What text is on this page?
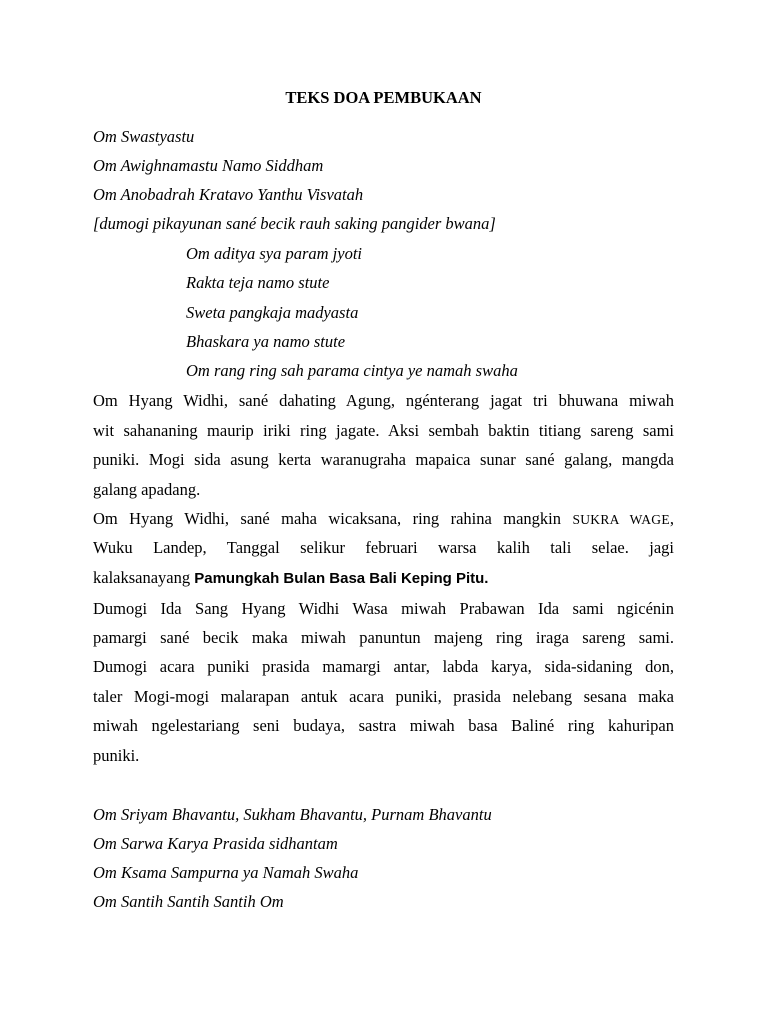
TEKS DOA PEMBUKAAN

Om Swastyastu

Om Awighnamastu Namo Siddham

Om Anobadrah Kratavo Yanthu Visvatah

[dumogi pikayunan sané becik rauh saking pangider bwana]

Om aditya sya param jyoti

Rakta teja namo stute

Sweta pangkaja madyasta

Bhaskara ya namo stute

Om rang ring sah parama cintya ye namah swaha

Om Hyang Widhi, sané dahating Agung, ngénterang jagat tri bhuwana miwah

wit sahananing maurip iriki ring jagate. Aksi sembah baktin titiang sareng sami

puniki. Mogi sida asung kerta waranugraha mapaica sunar sané galang, mangda

galang apadang.

Om Hyang Widhi, sané maha wicaksana, ring rahina mangkin SUKRA WAGE,

Wuku Landep, Tanggal selikur februari warsa kalih tali selae. jagi

kalaksanayang Pamungkah Bulan Basa Bali Keping Pitu.

Dumogi Ida Sang Hyang Widhi Wasa miwah Prabawan Ida sami ngicénin

pamargi sané becik maka miwah panuntun majeng ring iraga sareng sami.

Dumogi acara puniki prasida mamargi antar, labda karya, sida-sidaning don,

taler Mogi-mogi malarapan antuk acara puniki, prasida nelebang sesana maka

miwah ngelestariang seni budaya, sastra miwah basa Baliné ring kahuripan

puniki.

Om Sriyam Bhavantu, Sukham Bhavantu, Purnam Bhavantu

Om Sarwa Karya Prasida sidhantam

Om Ksama Sampurna ya Namah Swaha

Om Santih Santih Santih Om
